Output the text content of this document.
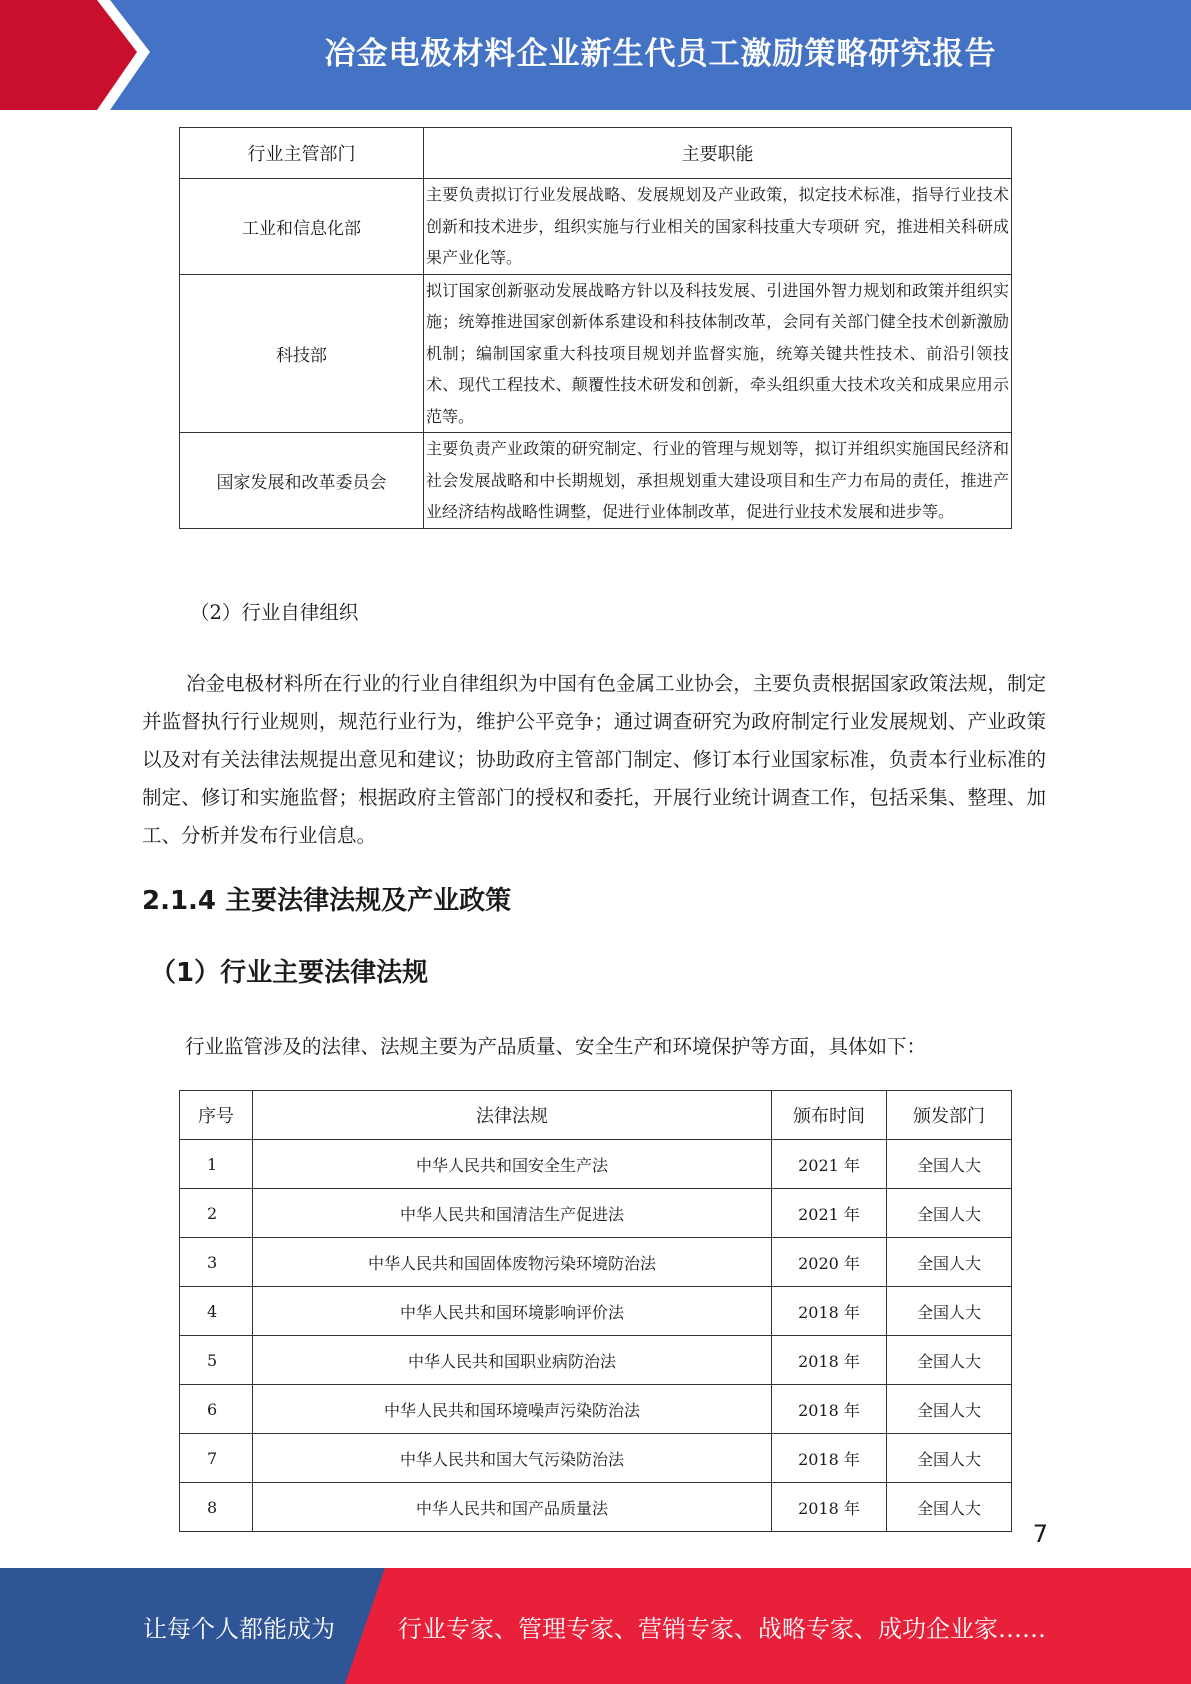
冶金电极材料企业新生代员工激励策略研究报告
行业主管部门	主要职能
工业和信息化部	主要负责拟订行业发展战略、发展规划及产业政策，拟定技术标准，指导行业技术创新和技术进步，组织实施与行业相关的国家科技重大专项研 究，推进相关科研成果产业化等。
科技部	拟订国家创新驱动发展战略方针以及科技发展、引进国外智力规划和政策并组织实施；统筹推进国家创新体系建设和科技体制改革，会同有关部门健全技术创新激励机制；编制国家重大科技项目规划并监督实施，统筹关键共性技术、前沿引领技术、现代工程技术、颠覆性技术研发和创新，牵头组织重大技术攻关和成果应用示范等。
国家发展和改革委员会	主要负责产业政策的研究制定、行业的管理与规划等，拟订并组织实施国民经济和社会发展战略和中长期规划，承担规划重大建设项目和生产力布局的责任，推进产业经济结构战略性调整，促进行业体制改革，促进行业技术发展和进步等。
（2）行业自律组织
冶金电极材料所在行业的行业自律组织为中国有色金属工业协会，主要负责根据国家政策法规，制定并监督执行行业规则，规范行业行为，维护公平竞争；通过调查研究为政府制定行业发展规划、产业政策以及对有关法律法规提出意见和建议；协助政府主管部门制定、修订本行业国家标准，负责本行业标准的制定、修订和实施监督；根据政府主管部门的授权和委托，开展行业统计调查工作，包括采集、整理、加工、分析并发布行业信息。
2.1.4 主要法律法规及产业政策
（1）行业主要法律法规
行业监管涉及的法律、法规主要为产品质量、安全生产和环境保护等方面，具体如下：
序号	法律法规	颁布时间	颁发部门
1	中华人民共和国安全生产法	2021 年	全国人大
2	中华人民共和国清洁生产促进法	2021 年	全国人大
3	中华人民共和国固体废物污染环境防治法	2020 年	全国人大
4	中华人民共和国环境影响评价法	2018 年	全国人大
5	中华人民共和国职业病防治法	2018 年	全国人大
6	中华人民共和国环境噪声污染防治法	2018 年	全国人大
7	中华人民共和国大气污染防治法	2018 年	全国人大
8	中华人民共和国产品质量法	2018 年	全国人大
7
让每个人都能成为	行业专家、管理专家、营销专家、战略专家、成功企业家……
